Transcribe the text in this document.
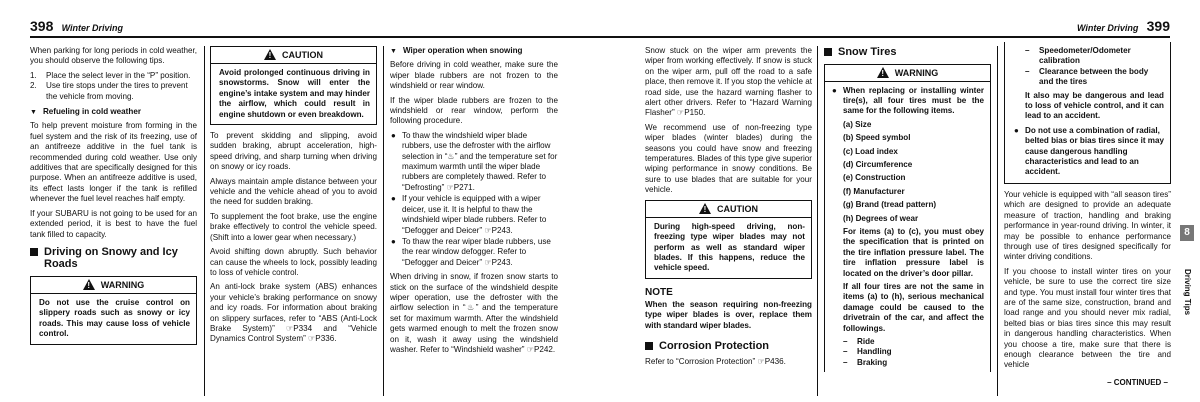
398 Winter Driving

When parking for long periods in cold weather, you should observe the following tips.

1. Place the select lever in the “P” position.
2. Use tire stops under the tires to prevent the vehicle from moving.
▼ Refueling in cold weather

To help prevent moisture from forming in the fuel system and the risk of its freezing, use of an antifreeze additive in the fuel tank is recommended during cold weather. Use only additives that are specifically designed for this purpose. When an antifreeze additive is used, its effect lasts longer if the tank is refilled whenever the fuel level reaches half empty.

If your SUBARU is not going to be used for an extended period, it is best to have the fuel tank filled to capacity.

Driving on Snowy and Icy Roads
! WARNING
Do not use the cruise control on slippery roads such as snowy or icy roads. This may cause loss of vehicle control.
! CAUTION
Avoid prolonged continuous driving in snowstorms. Snow will enter the engine’s intake system and may hinder the airflow, which could result in engine shutdown or even breakdown.

To prevent skidding and slipping, avoid sudden braking, abrupt acceleration, high-speed driving, and sharp turning when driving on snowy or icy roads.

Always maintain ample distance between your vehicle and the vehicle ahead of you to avoid the need for sudden braking.

To supplement the foot brake, use the engine brake effectively to control the vehicle speed. (Shift into a lower gear when necessary.)

Avoid shifting down abruptly. Such behavior can cause the wheels to lock, possibly leading to loss of vehicle control.

An anti-lock brake system (ABS) enhances your vehicle’s braking performance on snowy and icy roads. For information about braking on slippery surfaces, refer to “ABS (Anti-Lock Brake System)” ☞P334 and “Vehicle Dynamics Control System” ☞P336.

▼ Wiper operation when snowing

Before driving in cold weather, make sure the wiper blade rubbers are not frozen to the windshield or rear window.

If the wiper blade rubbers are frozen to the windshield or rear window, perform the following procedure.

● To thaw the windshield wiper blade rubbers, use the defroster with the airflow selection in “♨” and the temperature set for maximum warmth until the wiper blade rubbers are completely thawed. Refer to “Defrosting” ☞P271.
● If your vehicle is equipped with a wiper deicer, use it. It is helpful to thaw the windshield wiper blade rubbers. Refer to “Defogger and Deicer” ☞P243.
● To thaw the rear wiper blade rubbers, use the rear window defogger. Refer to “Defogger and Deicer” ☞P243.

When driving in snow, if frozen snow starts to stick on the surface of the windshield despite wiper operation, use the defroster with the airflow selection in “♨” and the temperature set for maximum warmth. After the windshield gets warmed enough to melt the frozen snow on it, wash it away using the windshield washer. Refer to “Windshield washer” ☞P242.

Winter Driving 399

Snow stuck on the wiper arm prevents the wiper from working effectively. If snow is stuck on the wiper arm, pull off the road to a safe place, then remove it. If you stop the vehicle at road side, use the hazard warning flasher to alert other drivers. Refer to “Hazard Warning Flasher” ☞P150.

We recommend use of non-freezing type wiper blades (winter blades) during the seasons you could have snow and freezing temperatures. Blades of this type give superior wiping performance in snowy conditions. Be sure to use blades that are suitable for your vehicle.

! CAUTION
During high-speed driving, non-freezing type wiper blades may not perform as well as standard wiper blades. If this happens, reduce the vehicle speed.
NOTE

When the season requiring non-freezing type wiper blades is over, replace them with standard wiper blades.

Corrosion Protection

Refer to “Corrosion Protection” ☞P436.

Snow Tires
! WARNING
● When replacing or installing winter tire(s), all four tires must be the same for the following items.

(a) Size

(b) Speed symbol

(c) Load index

(d) Circumference

(e) Construction

(f) Manufacturer

(g) Brand (tread pattern)

(h) Degrees of wear

For items (a) to (c), you must obey the specification that is printed on the tire inflation pressure label. The tire inflation pressure label is located on the driver’s door pillar.

If all four tires are not the same in items (a) to (h), serious mechanical damage could be caused to the drivetrain of the car, and affect the followings.

– Ride
– Handling
– Braking
– Speedometer/Odometer calibration
– Clearance between the body and the tires

It also may be dangerous and lead to loss of vehicle control, and it can lead to an accident.

● Do not use a combination of radial, belted bias or bias tires since it may cause dangerous handling characteristics and lead to an accident.

Your vehicle is equipped with “all season tires” which are designed to provide an adequate measure of traction, handling and braking performance in year-round driving. In winter, it may be possible to enhance performance through use of tires designed specifically for winter driving conditions.

If you choose to install winter tires on your vehicle, be sure to use the correct tire size and type. You must install four winter tires that are of the same size, construction, brand and load range and you should never mix radial, belted bias or bias tires since this may result in dangerous handling characteristics. When you choose a tire, make sure that there is enough clearance between the tire and vehicle

8
Driving Tips
– CONTINUED –
